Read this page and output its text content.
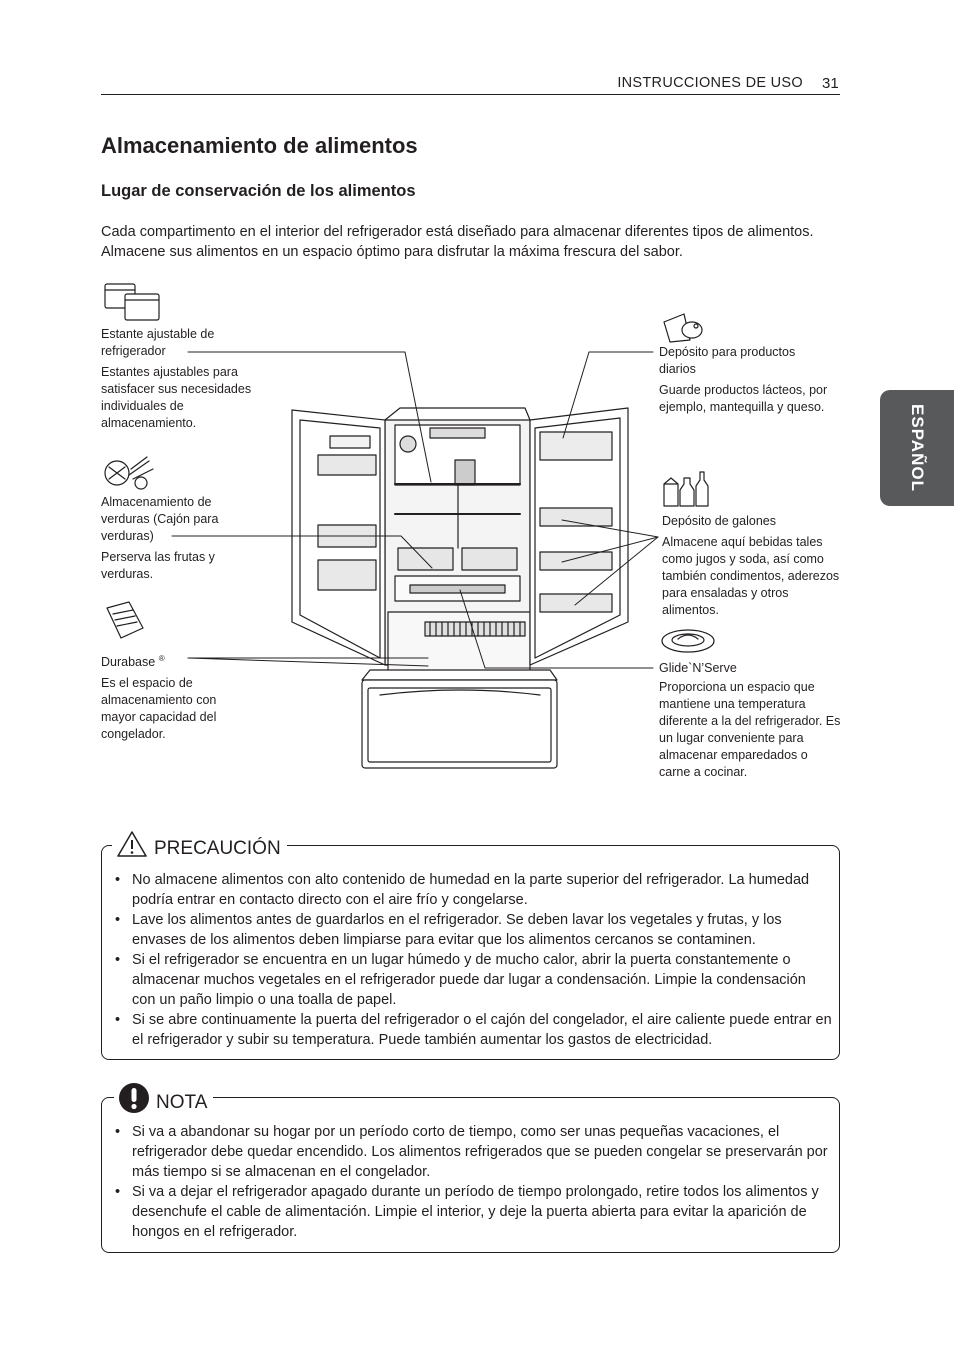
INSTRUCCIONES DE USO 31
ESPAÑOL
Almacenamiento de alimentos
Lugar de conservación de los alimentos
Cada compartimento en el interior del refrigerador está diseñado para almacenar diferentes tipos de alimentos. Almacene sus alimentos en un espacio óptimo para disfrutar la máxima frescura del sabor.

Estante ajustable de refrigerador

Estantes ajustables para satisfacer sus necesidades individuales de almacenamiento.

Almacenamiento de verduras (Cajón para verduras)

Perserva las frutas y verduras.

Durabase ®

Es el espacio de almacenamiento con mayor capacidad del congelador.

Depósito para productos diarios

Guarde productos lácteos, por ejemplo, mantequilla y queso.

Depósito de galones

Almacene aquí bebidas tales como jugos y soda, así como también condimentos, aderezos para ensaladas y otros alimentos.

Glide`N’Serve

Proporciona un espacio que mantiene una temperatura diferente a la del refrigerador. Es un lugar conveniente para almacenar emparedados o carne a cocinar.

PRECAUCIÓN
• No almacene alimentos con alto contenido de humedad en la parte superior del refrigerador. La humedad podría entrar en contacto directo con el aire frío y congelarse.
• Lave los alimentos antes de guardarlos en el refrigerador. Se deben lavar los vegetales y frutas, y los envases de los alimentos deben limpiarse para evitar que los alimentos cercanos se contaminen.
• Si el refrigerador se encuentra en un lugar húmedo y de mucho calor, abrir la puerta constantemente o almacenar muchos vegetales en el refrigerador puede dar lugar a condensación. Limpie la condensación con un paño limpio o una toalla de papel.
• Si se abre continuamente la puerta del refrigerador o el cajón del congelador, el aire caliente puede entrar en el refrigerador y subir su temperatura. Puede también aumentar los gastos de electricidad.
NOTA
• Si va a abandonar su hogar por un período corto de tiempo, como ser unas pequeñas vacaciones, el refrigerador debe quedar encendido. Los alimentos refrigerados que se pueden congelar se preservarán por más tiempo si se almacenan en el congelador.
• Si va a dejar el refrigerador apagado durante un período de tiempo prolongado, retire todos los alimentos y desenchufe el cable de alimentación. Limpie el interior, y deje la puerta abierta para evitar la aparición de hongos en el refrigerador.
